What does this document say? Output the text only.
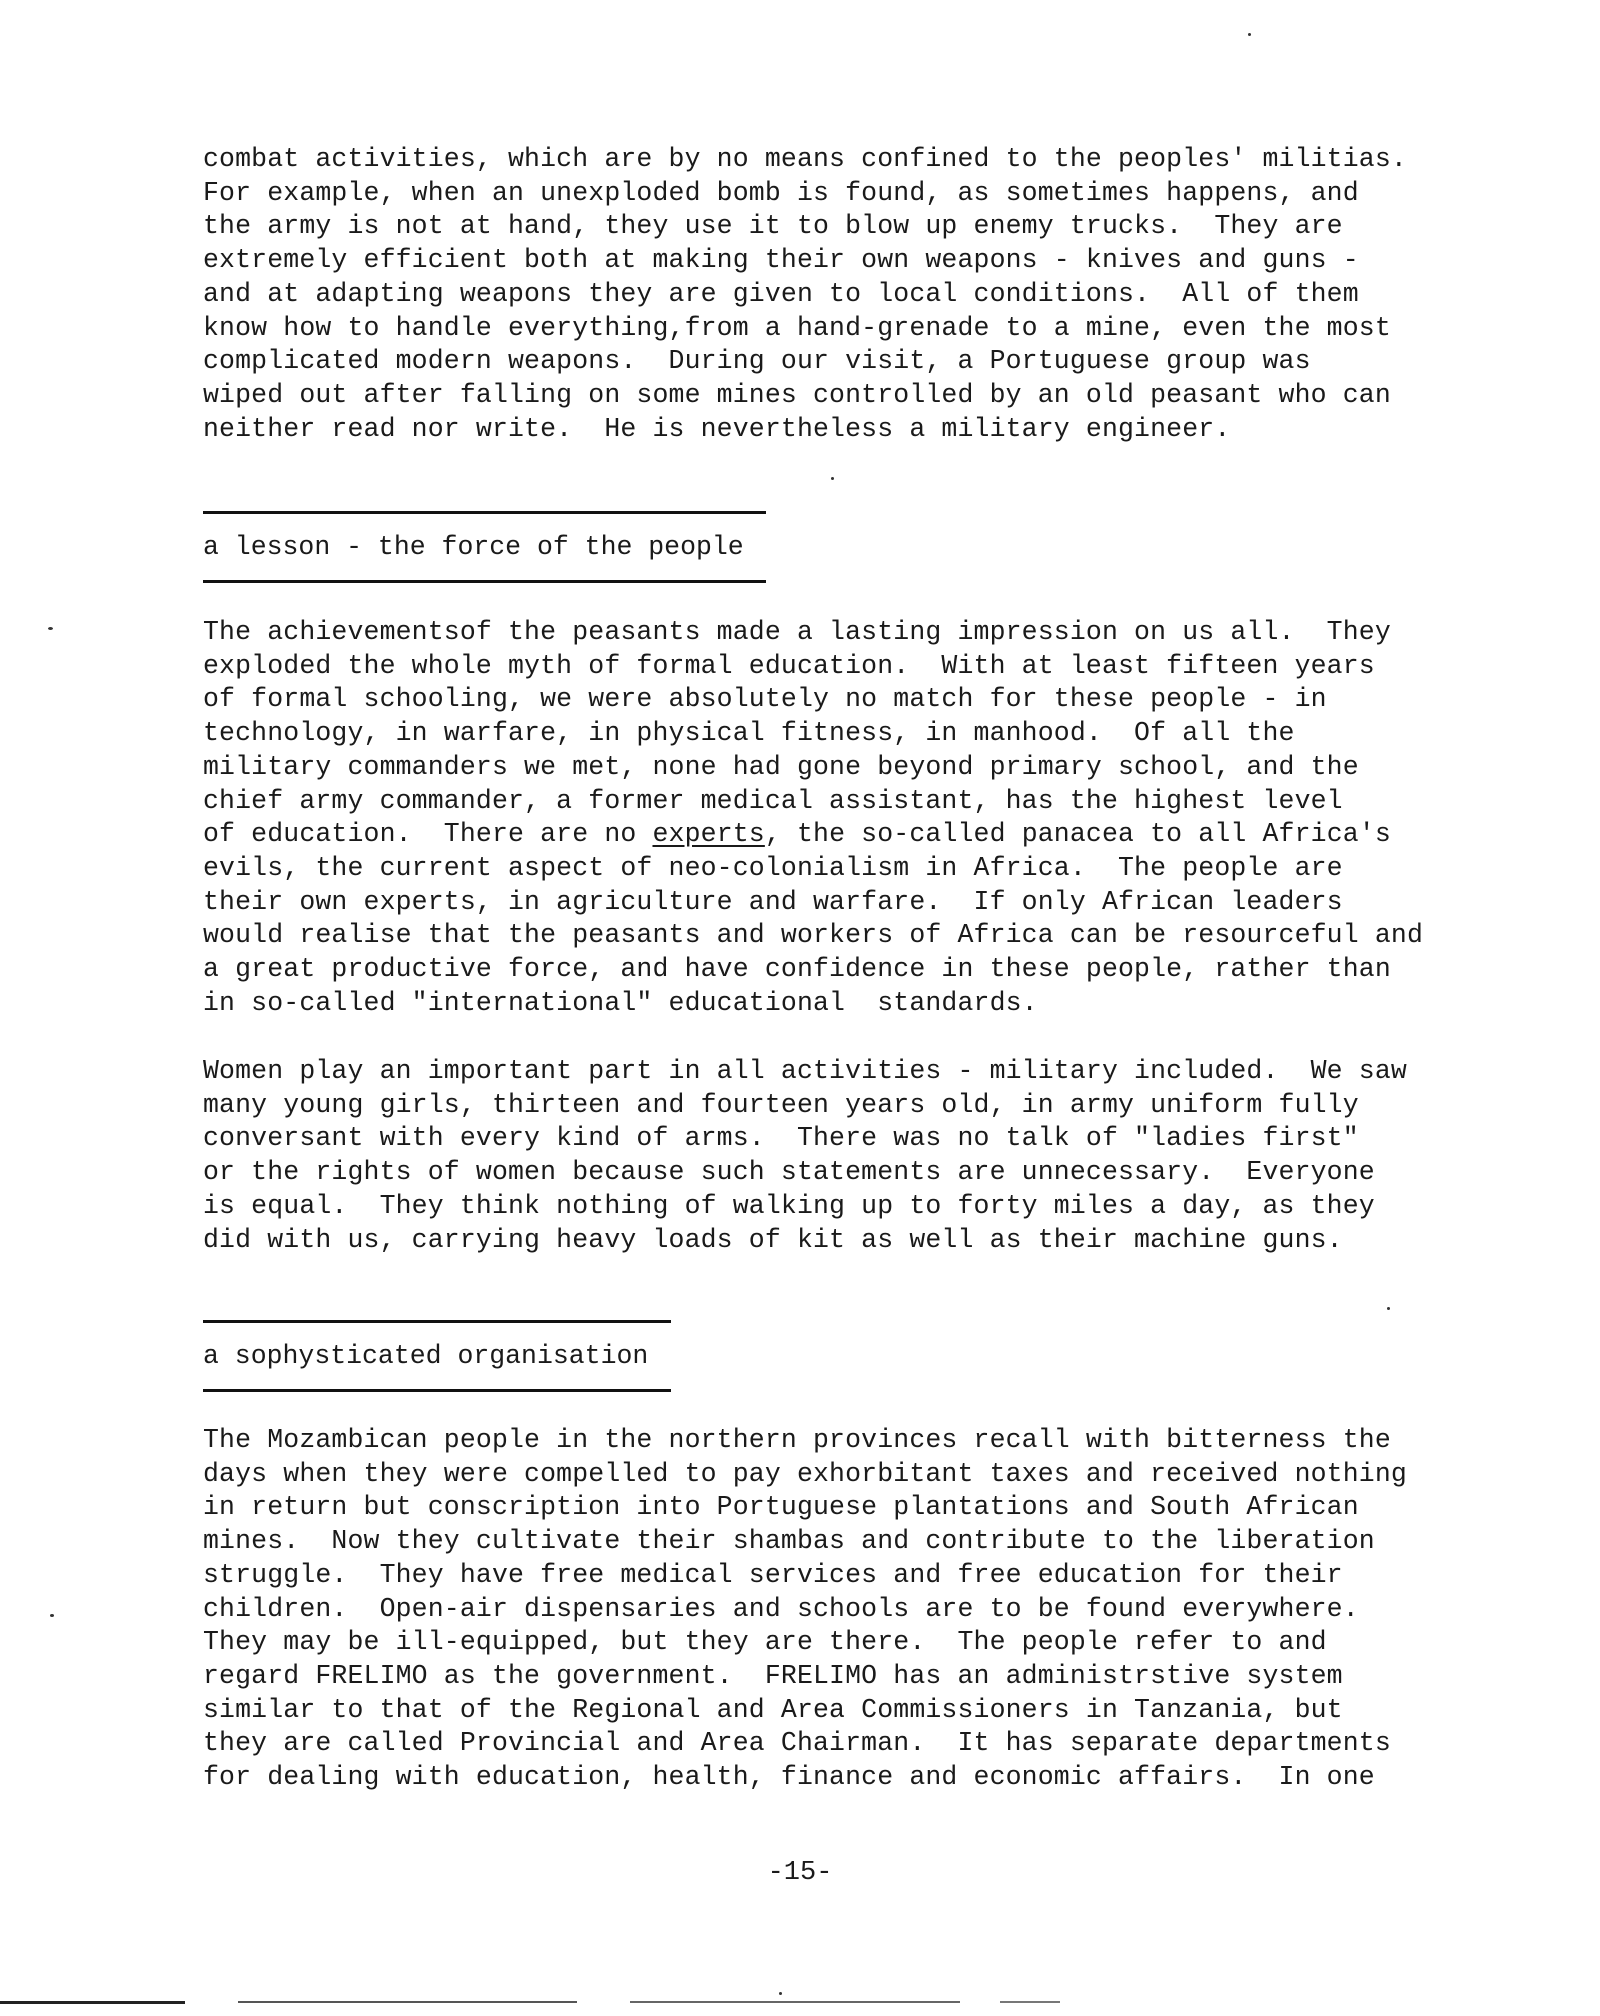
combat activities, which are by no means confined to the peoples' militias.
For example, when an unexploded bomb is found, as sometimes happens, and
the army is not at hand, they use it to blow up enemy trucks.  They are
extremely efficient both at making their own weapons - knives and guns -
and at adapting weapons they are given to local conditions.  All of them
know how to handle everything,from a hand-grenade to a mine, even the most
complicated modern weapons.  During our visit, a Portuguese group was
wiped out after falling on some mines controlled by an old peasant who can
neither read nor write.  He is nevertheless a military engineer.
a lesson - the force of the people
The achievementsof the peasants made a lasting impression on us all.  They
exploded the whole myth of formal education.  With at least fifteen years
of formal schooling, we were absolutely no match for these people - in
technology, in warfare, in physical fitness, in manhood.  Of all the
military commanders we met, none had gone beyond primary school, and the
chief army commander, a former medical assistant, has the highest level
of education.  There are no experts, the so-called panacea to all Africa's
evils, the current aspect of neo-colonialism in Africa.  The people are
their own experts, in agriculture and warfare.  If only African leaders
would realise that the peasants and workers of Africa can be resourceful and
a great productive force, and have confidence in these people, rather than
in so-called "international" educational  standards.
Women play an important part in all activities - military included.  We saw
many young girls, thirteen and fourteen years old, in army uniform fully
conversant with every kind of arms.  There was no talk of "ladies first"
or the rights of women because such statements are unnecessary.  Everyone
is equal.  They think nothing of walking up to forty miles a day, as they
did with us, carrying heavy loads of kit as well as their machine guns.
a sophysticated organisation
The Mozambican people in the northern provinces recall with bitterness the
days when they were compelled to pay exhorbitant taxes and received nothing
in return but conscription into Portuguese plantations and South African
mines.  Now they cultivate their shambas and contribute to the liberation
struggle.  They have free medical services and free education for their
children.  Open-air dispensaries and schools are to be found everywhere.
They may be ill-equipped, but they are there.  The people refer to and
regard FRELIMO as the government.  FRELIMO has an administrstive system
similar to that of the Regional and Area Commissioners in Tanzania, but
they are called Provincial and Area Chairman.  It has separate departments
for dealing with education, health, finance and economic affairs.  In one
-15-
